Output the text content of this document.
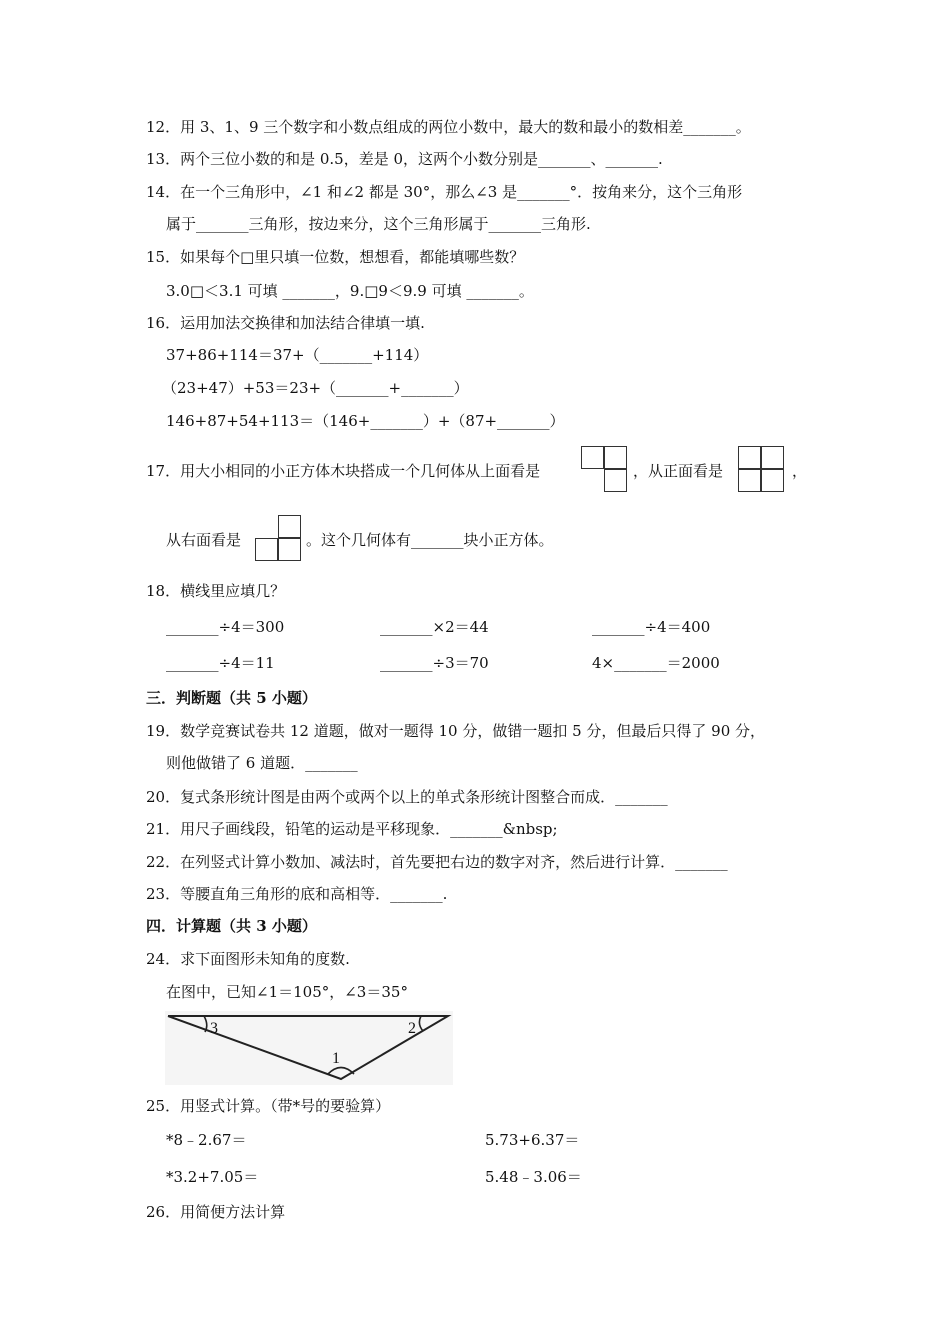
12．用 3、1、9 三个数字和小数点组成的两位小数中，最大的数和最小的数相差_______。
13．两个三位小数的和是 0.5，差是 0，这两个小数分别是_______、_______.
14．在一个三角形中，∠1 和∠2 都是 30°，那么∠3 是_______°．按角来分，这个三角形
属于_______三角形，按边来分，这个三角形属于_______三角形.
15．如果每个□里只填一位数，想想看，都能填哪些数？
3.0□＜3.1 可填 _______，9.□9＜9.9 可填 _______。
16．运用加法交换律和加法结合律填一填.
37+86+114＝37+（_______+114）
（23+47）+53＝23+（_______+_______）
146+87+54+113＝（146+_______）+（87+_______）
17．用大小相同的小正方体木块搭成一个几何体从上面看是	，从正面看是	，
从右面看是	。这个几何体有_______块小正方体。
18．横线里应填几？
_______÷4＝300	_______×2＝44	_______÷4＝400
_______÷4＝11	_______÷3＝70	4×_______＝2000
三．判断题（共 5 小题）
19．数学竞赛试卷共 12 道题，做对一题得 10 分，做错一题扣 5 分，但最后只得了 90 分，
则他做错了 6 道题．_______
20．复式条形统计图是由两个或两个以上的单式条形统计图整合而成．_______
21．用尺子画线段，铅笔的运动是平移现象．_______&nbsp;
22．在列竖式计算小数加、减法时，首先要把右边的数字对齐，然后进行计算．_______
23．等腰直角三角形的底和高相等．_______.
四．计算题（共 3 小题）
24．求下面图形未知角的度数.
在图中，已知∠1＝105°，∠3＝35°
3	2
1
25．用竖式计算。（带*号的要验算）
*8﹣2.67＝	5.73+6.37＝
*3.2+7.05＝	5.48﹣3.06＝
26．用简便方法计算
